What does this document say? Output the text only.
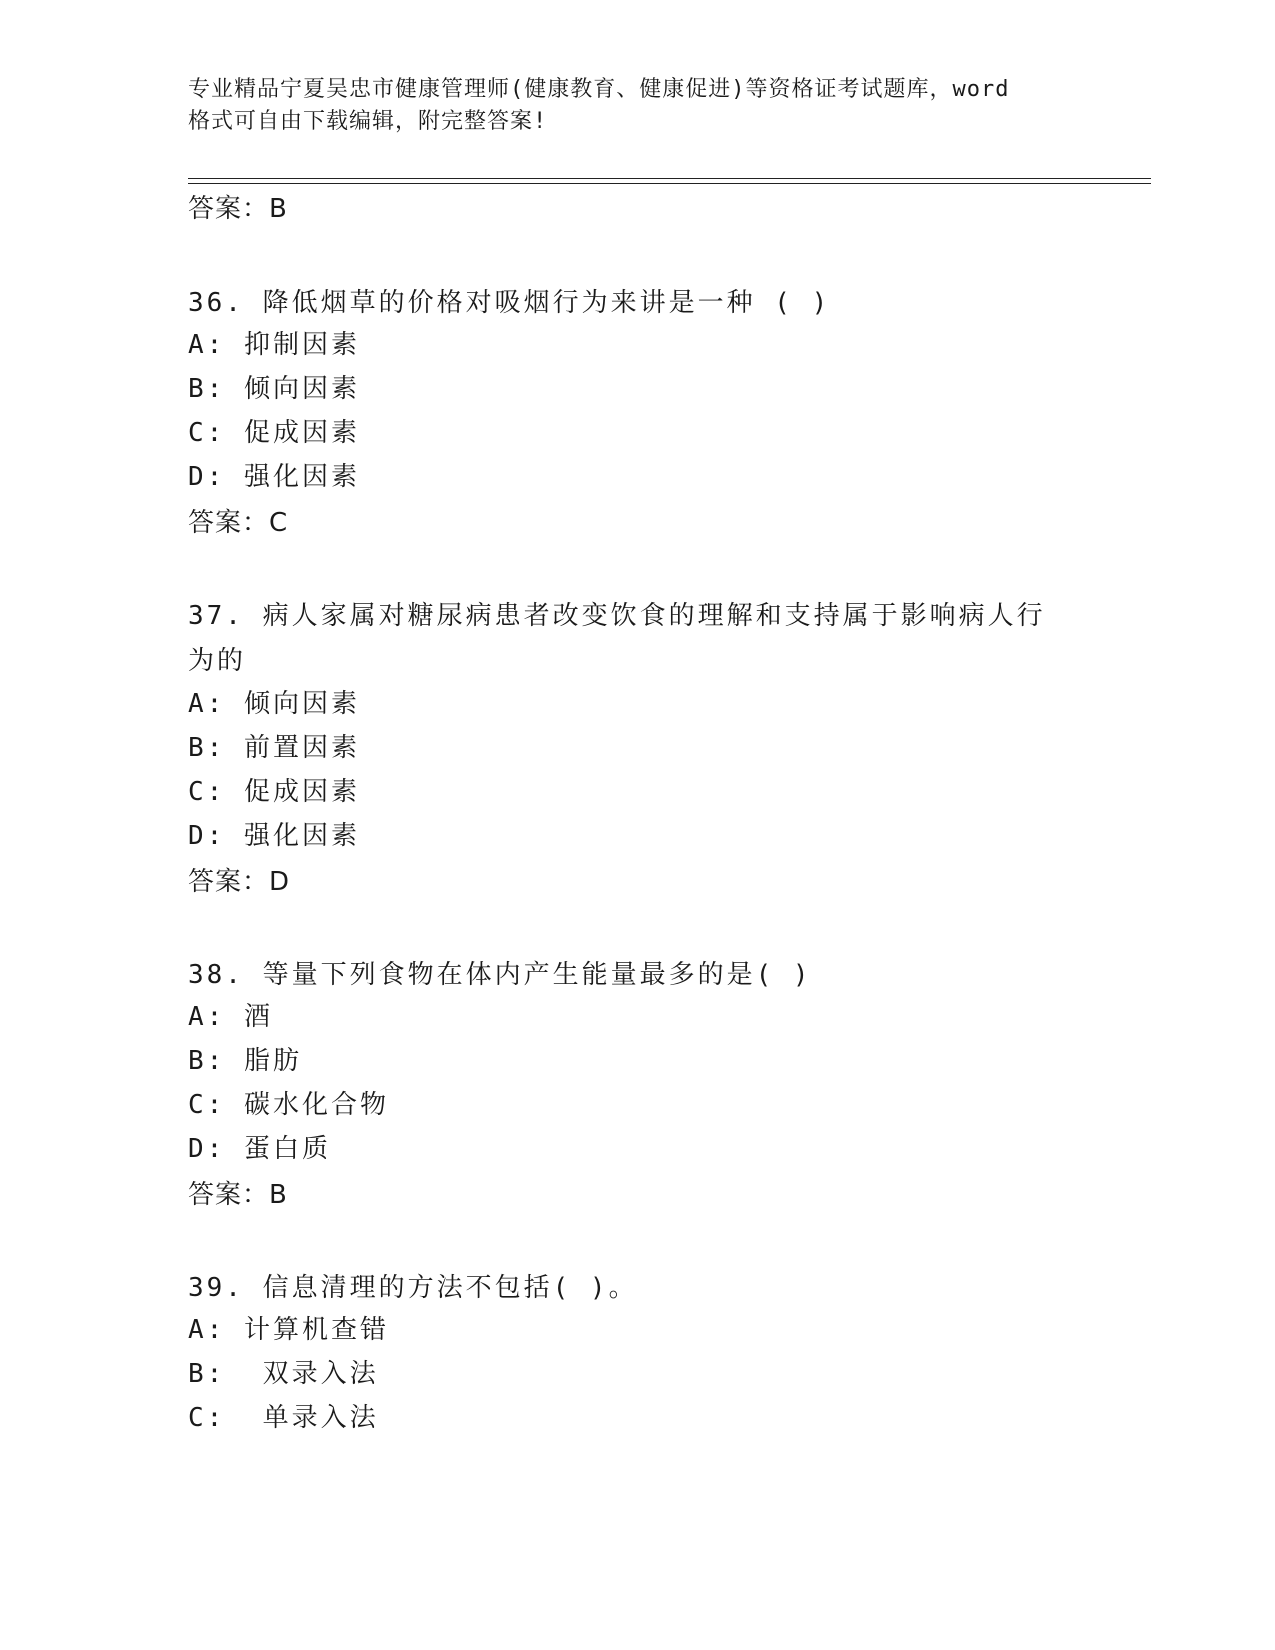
专业精品宁夏吴忠市健康管理师(健康教育、健康促进)等资格证考试题库，word
格式可自由下载编辑，附完整答案!
答案：B
36. 降低烟草的价格对吸烟行为来讲是一种 ( )
A: 抑制因素
B: 倾向因素
C: 促成因素
D: 强化因素
答案：C
37. 病人家属对糖尿病患者改变饮食的理解和支持属于影响病人行为的
A: 倾向因素
B: 前置因素
C: 促成因素
D: 强化因素
答案：D
38. 等量下列食物在体内产生能量最多的是( )
A: 酒
B: 脂肪
C: 碳水化合物
D: 蛋白质
答案：B
39. 信息清理的方法不包括( )。
A: 计算机查错
B:  双录入法
C:  单录入法
